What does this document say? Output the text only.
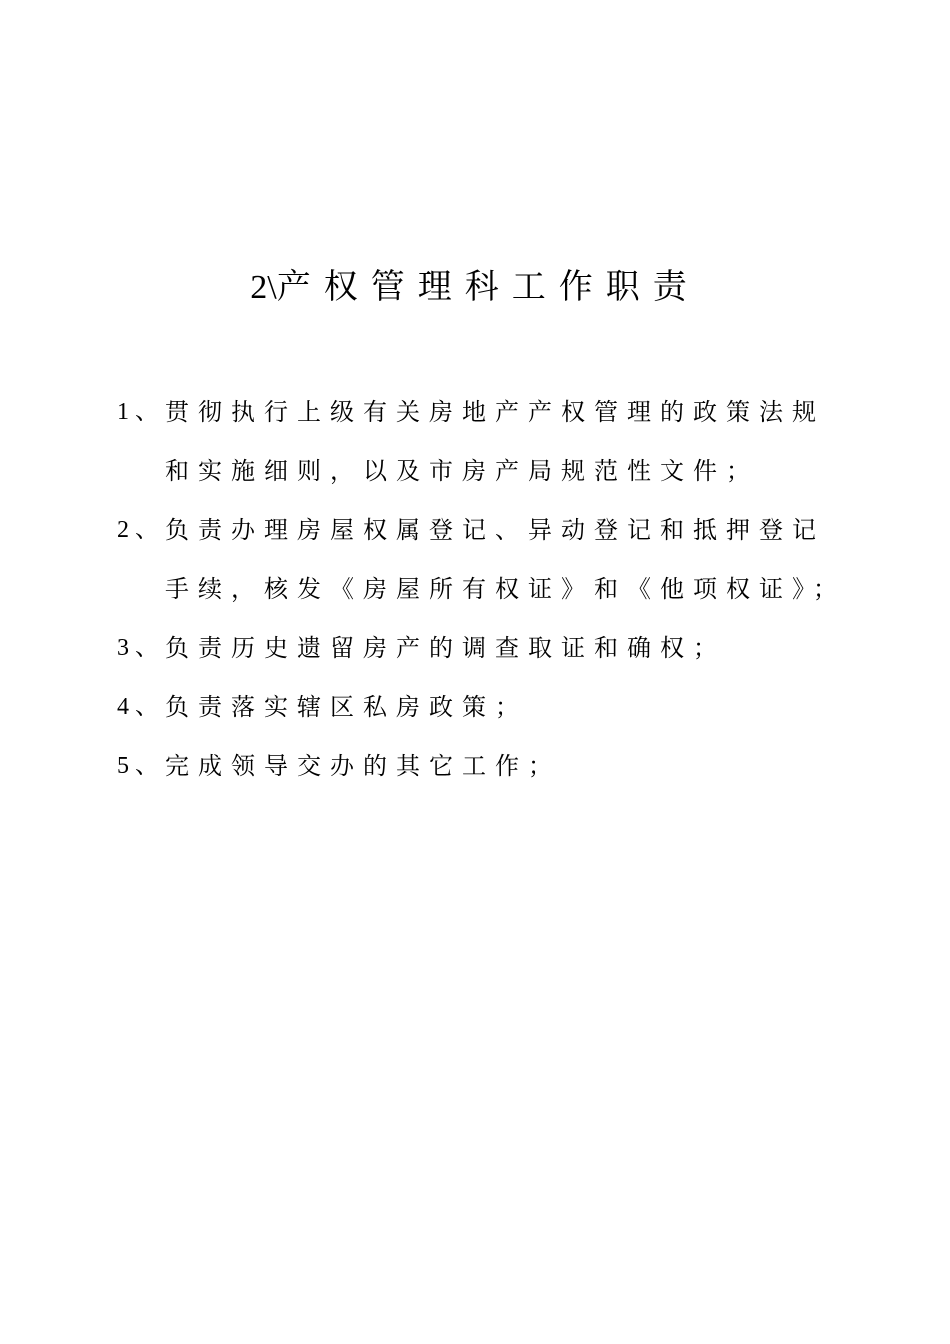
2\产权管理科工作职责
1、 贯彻执行上级有关房地产产权管理的政策法规
和实施细则，以及市房产局规范性文件；
2、 负责办理房屋权属登记、异动登记和抵押登记
手续，核发《房屋所有权证》和《他项权证》；
3、 负责历史遗留房产的调查取证和确权；
4、 负责落实辖区私房政策；
5、 完成领导交办的其它工作；
